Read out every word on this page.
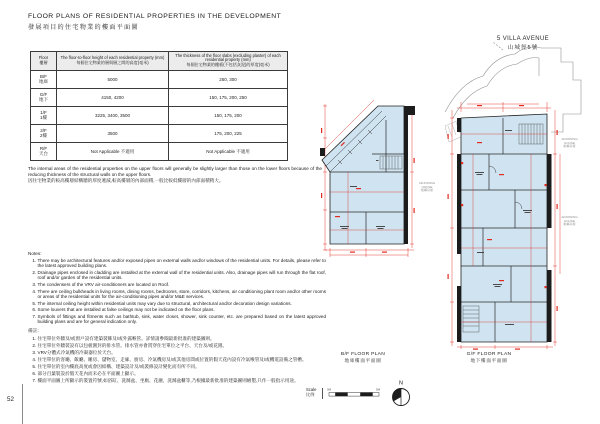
FLOOR PLANS OF RESIDENTIAL PROPERTIES IN THE DEVELOPMENT
發展項目的住宅物業的樓面平面圖
Floor
樓層

The floor-to-floor height of each residential property (mm)
每個住宅物業的層與層之間的高度(毫米)

The thickness of the floor slabs (excluding plaster) of each residential property (mm)
每個住宅物業的樓板(不包括灰泥)的厚度(毫米)

B/F
地庫	5000	250, 300

G/F
地下	4150, 4200	150, 175, 200, 250

1/F
1樓	3225, 3400, 3500	150, 175, 200

2/F
2樓	3500	175, 200, 225

R/F
天台	Not Applicable 不適用	Not Applicable 不適用
The internal areas of the residential properties on the upper floors will generally be slightly larger than those on the lower floors because of the reducing thickness of the structural walls on the upper floors.
因住宅物業的較高樓層結構牆的厚度遞減,較高樓層的內部面積,一般比較低樓層的內部面積稍大。
Notes:
1. There may be architectural features and/or exposed pipes on external walls and/or windows of the residential units. For details, please refer to the latest approved building plans.
2. Drainage pipes enclosed in cladding are installed at the external wall of the residential units. Also, drainage pipes will run through the flat roof, roof and/or garden of the residential units.
3. The condensers of the VRV air-conditioners are located on Roof.
4. There are ceiling bulkheads in living rooms, dining rooms, bedrooms, store, corridors, kitchens, air conditioning plant room and/or other rooms or areas of the residential units for the air-conditioning pipes and/or M&E services.
5. The internal ceiling height within residential units may vary due to structural, architectural and/or decoration design variations.
6. Some louvers that are installed at false ceilings may not be indicated on the floor plans.
7. Symbols of fittings and fitments such as bathtub, sink, water closet, shower, sink counter, etc. are prepared based on the latest approved building plans and are for general indication only.
備註:
1. 住宅單位外牆及/或窗戶設有建築裝飾及/或外露喉管。詳情請參閱最新批准的建築圖則。
2. 住宅單位外牆裝設有以包板圍封的排水管。排水管亦會貫穿住宅單位之平台、天台及/或花園。
3. VRV分體式冷氣機的冷凝器位於天台。
4. 住宅單位的客廳、飯廳、睡房、儲物室、走廊、廚房、冷氣機房及/或其他房間或位置的假天花內設有冷氣喉管及/或機電設備之管槽。
5. 住宅單位的室內樓底高度或會因結構、建築設計及/或裝修設計變化而有所不同。
6. 部分百葉裝設於假天花內而未必在平面圖上顯示。
7. 樓面平面圖上所顯示的裝置符號,如浴缸、洗滌盆、坐廁、花灑、洗滌盆櫃等,乃根據最新批准的建築圖則繪製,只作一般指示用途。
ADJOINING HOUSE
毗鄰房屋
5 VILLA AVENUE
山城徑5號
ADJOINING HOUSE
毗鄰房屋
ADJOINING HOUSE
毗鄰房屋
B/F FLOOR PLAN
地庫樓面平面圖
G/F FLOOR PLAN
地下樓面平面圖
Scale
比例
0M	5M
N
52
